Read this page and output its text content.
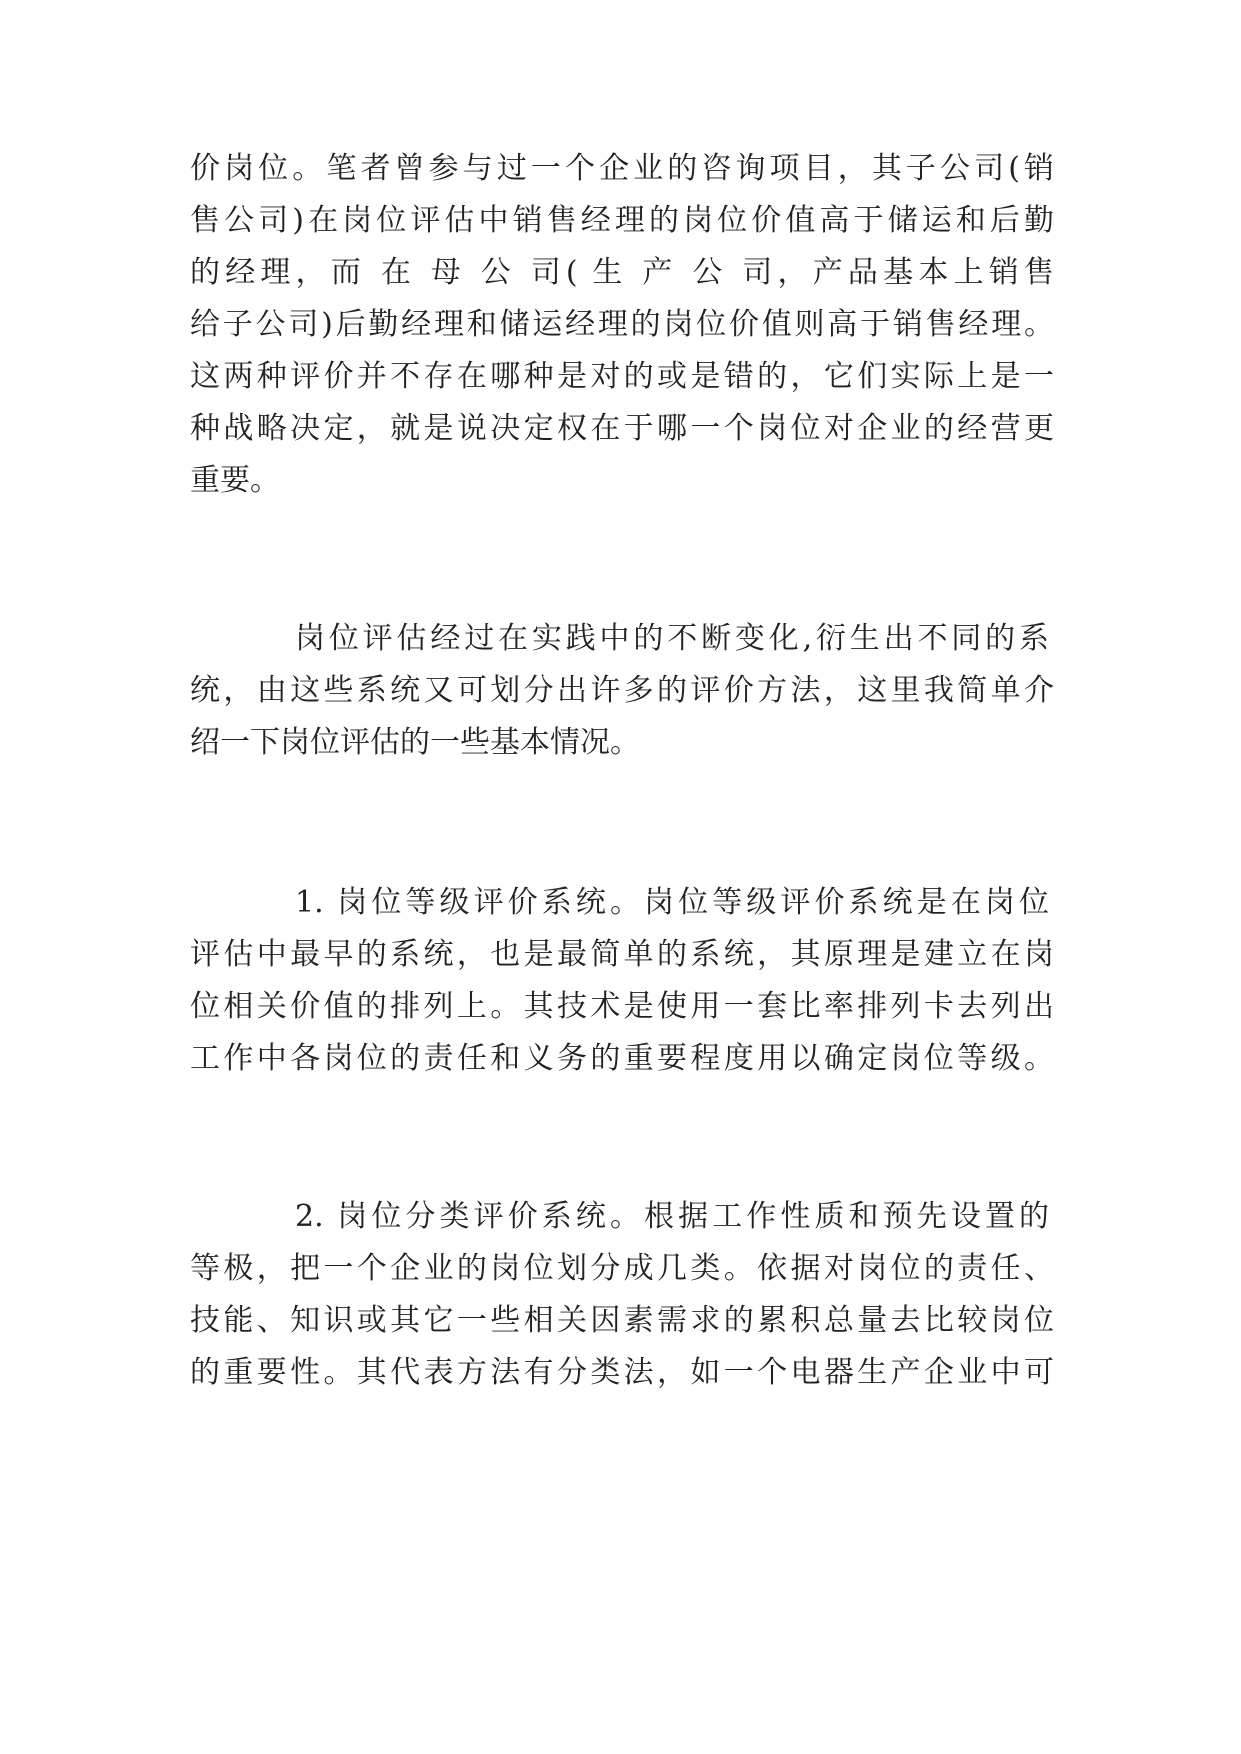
价岗位。笔者曾参与过一个企业的咨询项目，其子公司(销
售公司)在岗位评估中销售经理的岗位价值高于储运和后勤
的经理，而 在 母 公 司( 生 产 公 司，产品基本上销售
给子公司)后勤经理和储运经理的岗位价值则高于销售经理。
这两种评价并不存在哪种是对的或是错的，它们实际上是一
种战略决定，就是说决定权在于哪一个岗位对企业的经营更
重要。
岗位评估经过在实践中的不断变化,衍生出不同的系
统，由这些系统又可划分出许多的评价方法，这里我简单介
绍一下岗位评估的一些基本情况。
1. 岗位等级评价系统。岗位等级评价系统是在岗位
评估中最早的系统，也是最简单的系统，其原理是建立在岗
位相关价值的排列上。其技术是使用一套比率排列卡去列出
工作中各岗位的责任和义务的重要程度用以确定岗位等级。
2. 岗位分类评价系统。根据工作性质和预先设置的
等极，把一个企业的岗位划分成几类。依据对岗位的责任、
技能、知识或其它一些相关因素需求的累积总量去比较岗位
的重要性。其代表方法有分类法，如一个电器生产企业中可
